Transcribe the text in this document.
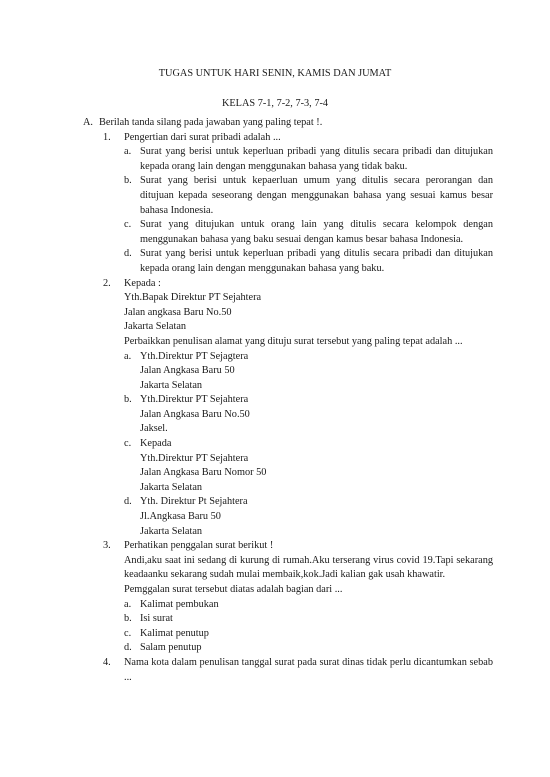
TUGAS UNTUK HARI SENIN, KAMIS DAN JUMAT
KELAS 7-1, 7-2, 7-3, 7-4
A. Berilah tanda silang pada jawaban yang paling tepat !.
1.	Pengertian dari surat pribadi adalah ...
a. Surat yang berisi untuk keperluan pribadi yang ditulis secara pribadi dan ditujukan kepada orang lain dengan menggunakan bahasa yang tidak baku.
b. Surat yang berisi untuk kepaerluan umum yang ditulis secara perorangan dan ditujuan kepada seseorang dengan menggunakan bahasa yang sesuai kamus besar bahasa Indonesia.
c. Surat yang ditujukan untuk orang lain yang ditulis secara kelompok dengan menggunakan bahasa yang baku sesuai dengan kamus besar bahasa Indonesia.
d. Surat yang berisi untuk keperluan pribadi yang ditulis secara pribadi dan ditujukan kepada orang lain dengan menggunakan bahasa yang baku.
2.	Kepada :
Yth.Bapak Direktur PT Sejahtera
Jalan angkasa Baru No.50
Jakarta Selatan
Perbaikkan penulisan alamat yang dituju surat tersebut yang paling tepat adalah ...
a. Yth.Direktur PT Sejagtera
Jalan Angkasa Baru 50
Jakarta Selatan
b. Yth.Direktur PT Sejahtera
Jalan Angkasa Baru No.50
Jaksel.
c. Kepada
Yth.Direktur PT Sejahtera
Jalan Angkasa Baru Nomor 50
Jakarta Selatan
d. Yth. Direktur Pt Sejahtera
Jl.Angkasa Baru 50
Jakarta Selatan
3.	Perhatikan penggalan surat berikut !
Andi,aku saat ini sedang di kurung di rumah.Aku terserang virus covid 19.Tapi sekarang keadaanku sekarang sudah mulai membaik,kok.Jadi kalian gak usah khawatir.
Pemggalan surat tersebut diatas adalah bagian dari ...
a. Kalimat pembukan
b. Isi surat
c. Kalimat penutup
d. Salam penutup
4.	Nama kota dalam penulisan tanggal surat pada surat dinas tidak perlu dicantumkan sebab ...
